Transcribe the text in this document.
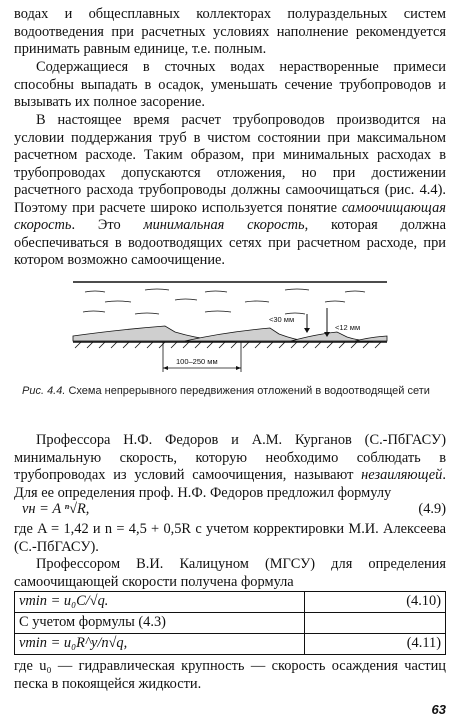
водах и общесплавных коллекторах полураздельных систем водоотведения при расчетных условиях наполнение рекомендуется принимать равным единице, т.е. полным.

Содержащиеся в сточных водах нерастворенные примеси способны выпадать в осадок, уменьшать сечение трубопроводов и вызывать их полное засорение.

В настоящее время расчет трубопроводов производится на условии поддержания труб в чистом состоянии при максимальном расчетном расходе. Таким образом, при минимальных расходах в трубопроводах допускаются отложения, но при достижении расчетного расхода трубопроводы должны самоочищаться (рис. 4.4). Поэтому при расчете широко используется понятие самоочищающая скорость. Это минимальная скорость, которая должна обеспечиваться в водоотводящих сетях при расчетном расходе, при котором возможно самоочищение.

<30 мм
<12 мм
100–250 мм
Рис. 4.4. Схема непрерывного передвижения отложений в водоотводящей сети

Профессора Н.Ф. Федоров и А.М. Курганов (С.-ПбГАСУ) минимальную скорость, которую необходимо соблюдать в трубопроводах из условий самоочищения, называют незаиляющей. Для ее определения проф. Н.Ф. Федоров предложил формулу

vн = A ⁿ√R,	(4.9)

где A = 1,42 и n = 4,5 + 0,5R с учетом корректировки М.И. Алексеева (С.-ПбГАСУ).

Профессором В.И. Калицуном (МГСУ) для определения самоочищающей скорости получена формула

vmin = u₀C/√q.	(4.10)
С учетом формулы (4.3)	
vmin = u₀R^y/n√q,	(4.11)

где u₀ — гидравлическая крупность — скорость осаждения частиц песка в покоящейся жидкости.

63
